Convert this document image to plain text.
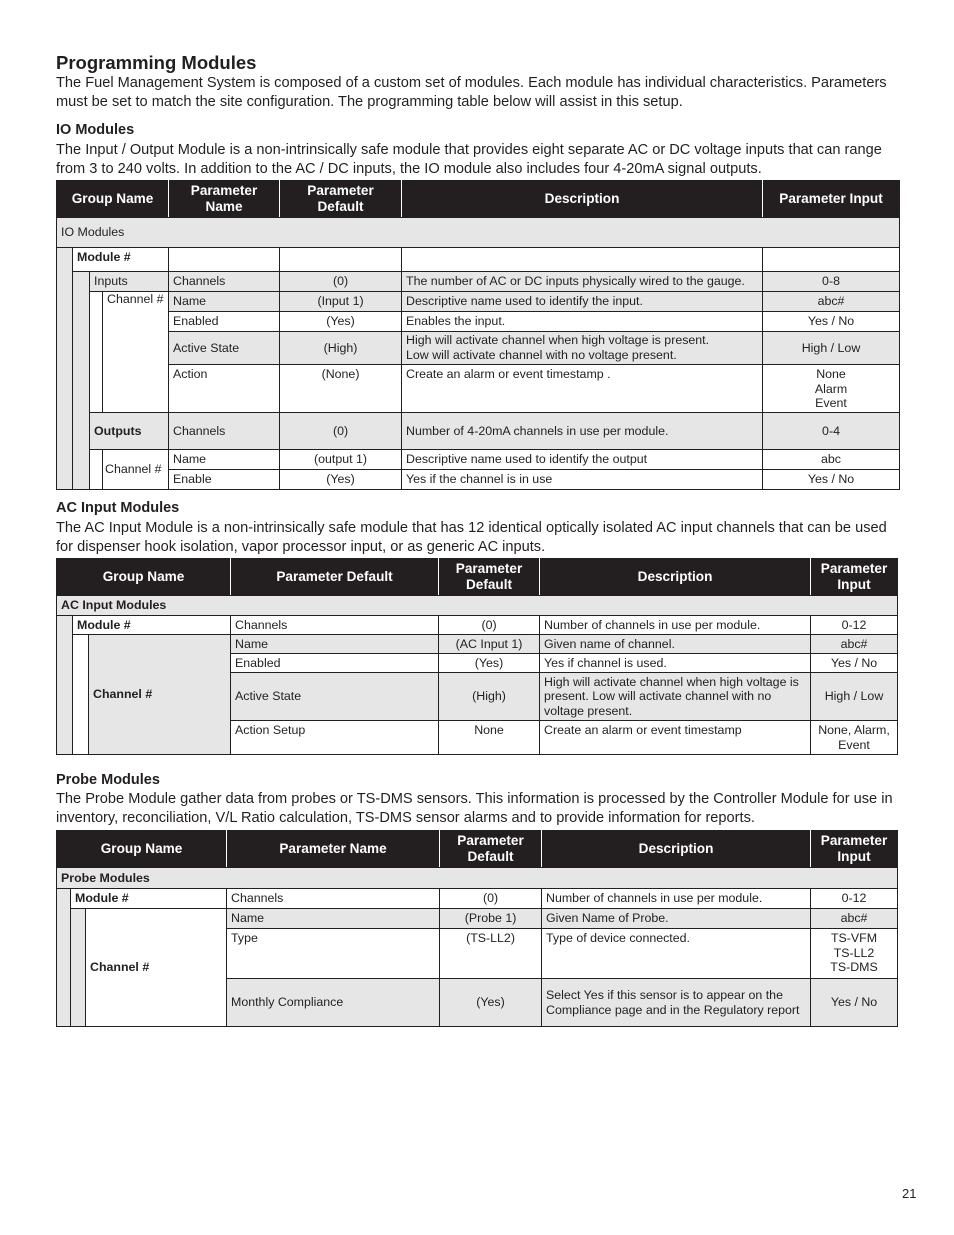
Programming Modules

The Fuel Management System is composed of a custom set of modules. Each module has individual characteristics. Parameters must be set to match the site configuration. The programming table below will assist in this setup.

IO Modules

The Input / Output Module is a non-intrinsically safe module that provides eight separate AC or DC voltage inputs that can range from 3 to 240 volts. In addition to the AC / DC inputs, the IO module also includes four 4-20mA signal outputs.

Group Name				Parameter Name	Parameter Default	Description	Parameter Input
IO Modules							
	Module #						
		Inputs		Channels	(0)	The number of AC or DC inputs physically wired to the gauge.	0-8
			Channel #	Name	(Input 1)	Descriptive name used to identify the input.	abc#
				Enabled	(Yes)	Enables the input.	Yes / No
				Active State	(High)	High will activate channel when high voltage is present.
Low will activate channel with no voltage present.	High / Low
				Action	(None)	Create an alarm or event timestamp .	None
Alarm
Event
		Outputs		Channels	(0)	Number of 4-20mA channels in use per module.	0-4
			Channel #	Name	(output 1)	Descriptive name used to identify the output	abc
				Enable	(Yes)	Yes if the channel is in use	Yes / No
AC Input Modules

The AC Input Module is a non-intrinsically safe module that has 12 identical optically isolated AC input channels that can be used for dispenser hook isolation, vapor processor input, or as generic AC inputs.

Group Name			Parameter Default	Parameter Default	Description	Parameter Input
AC Input Modules						
	Module #		Channels	(0)	Number of channels in use per module.	0-12
		Channel #	Name	(AC Input 1)	Given name of channel.	abc#
			Enabled	(Yes)	Yes if channel is used.	Yes / No
			Active State	(High)	High will activate channel when high voltage is present. Low will activate channel with no voltage present.	High / Low
			Action Setup	None	Create an alarm or event timestamp	None, Alarm, Event
Probe Modules

The Probe Module gather data from probes or TS-DMS sensors. This information is processed by the Controller Module for use in inventory, reconciliation, V/L Ratio calculation, TS-DMS sensor alarms and to provide information for reports.

Group Name			Parameter Name	Parameter Default	Description	Parameter Input
Probe Modules						
	Module #		Channels	(0)	Number of channels in use per module.	0-12
		Channel #	Name	(Probe 1)	Given Name of Probe.	abc#
			Type	(TS-LL2)	Type of device connected.	TS-VFM
TS-LL2
TS-DMS
			Monthly Compliance	(Yes)	Select Yes if this sensor is to appear on the Compliance page and in the Regulatory report	Yes / No
21
